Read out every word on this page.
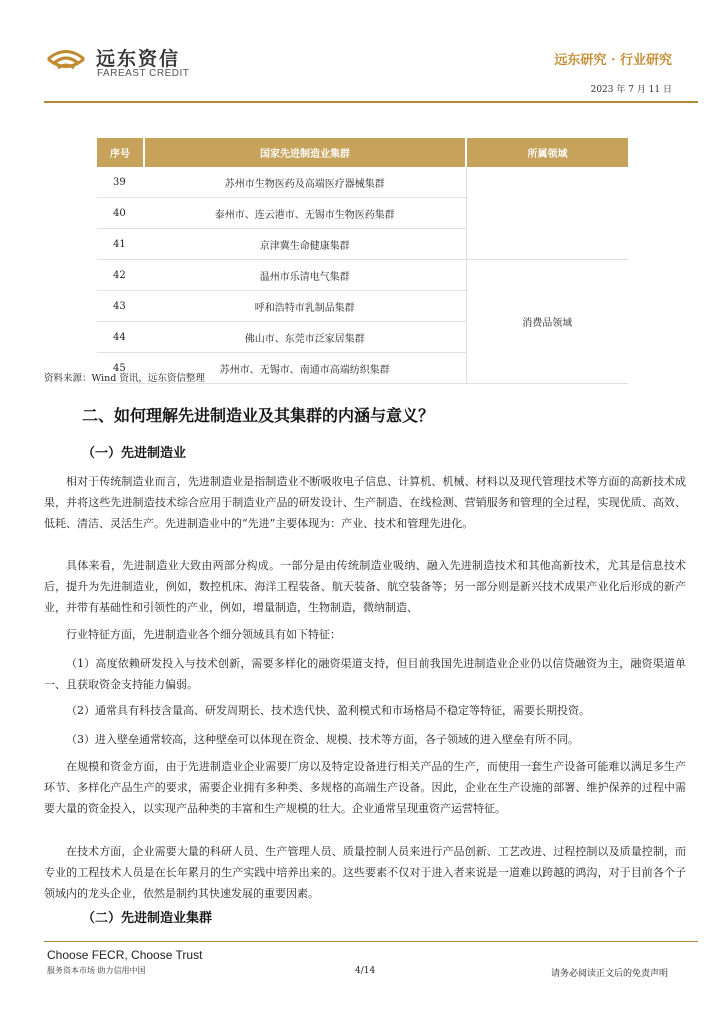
远东资信
FAREAST CREDIT
远东研究 · 行业研究
2023 年 7 月 11 日
序号	国家先进制造业集群	所属领域
39	苏州市生物医药及高端医疗器械集群	
40	泰州市、连云港市、无锡市生物医药集群	
41	京津冀生命健康集群	
42	温州市乐清电气集群	消费品领域
43	呼和浩特市乳制品集群	
44	佛山市、东莞市泛家居集群	
45	苏州市、无锡市、南通市高端纺织集群	
资料来源：Wind 资讯，远东资信整理
二、如何理解先进制造业及其集群的内涵与意义？
（一）先进制造业

相对于传统制造业而言，先进制造业是指制造业不断吸收电子信息、计算机、机械、材料以及现代管理技术等方面的高新技术成果，并将这些先进制造技术综合应用于制造业产品的研发设计、生产制造、在线检测、营销服务和管理的全过程，实现优质、高效、低耗、清洁、灵活生产。先进制造业中的“先进”主要体现为：产业、技术和管理先进化。

具体来看，先进制造业大致由两部分构成。一部分是由传统制造业吸纳、融入先进制造技术和其他高新技术，尤其是信息技术后，提升为先进制造业，例如，数控机床、海洋工程装备、航天装备、航空装备等；另一部分则是新兴技术成果产业化后形成的新产业，并带有基础性和引领性的产业，例如，增量制造，生物制造，微纳制造、

行业特征方面，先进制造业各个细分领域具有如下特征：

（1）高度依赖研发投入与技术创新，需要多样化的融资渠道支持，但目前我国先进制造业企业仍以信贷融资为主，融资渠道单一、且获取资金支持能力偏弱。

（2）通常具有科技含量高、研发周期长、技术迭代快、盈利模式和市场格局不稳定等特征，需要长期投资。

（3）进入壁垒通常较高，这种壁垒可以体现在资金、规模、技术等方面，各子领域的进入壁垒有所不同。

在规模和资金方面，由于先进制造业企业需要厂房以及特定设备进行相关产品的生产，而使用一套生产设备可能难以满足多生产环节、多样化产品生产的要求，需要企业拥有多种类、多规格的高端生产设备。因此，企业在生产设施的部署、维护保养的过程中需要大量的资金投入，以实现产品种类的丰富和生产规模的壮大。企业通常呈现重资产运营特征。

在技术方面，企业需要大量的科研人员、生产管理人员、质量控制人员来进行产品创新、工艺改进、过程控制以及质量控制，而专业的工程技术人员是在长年累月的生产实践中培养出来的。这些要素不仅对于进入者来说是一道难以跨越的鸿沟，对于目前各个子领域内的龙头企业，依然是制约其快速发展的重要因素。

（二）先进制造业集群
Choose FECR, Choose Trust
服务资本市场 助力信用中国	4/14	请务必阅读正文后的免责声明
